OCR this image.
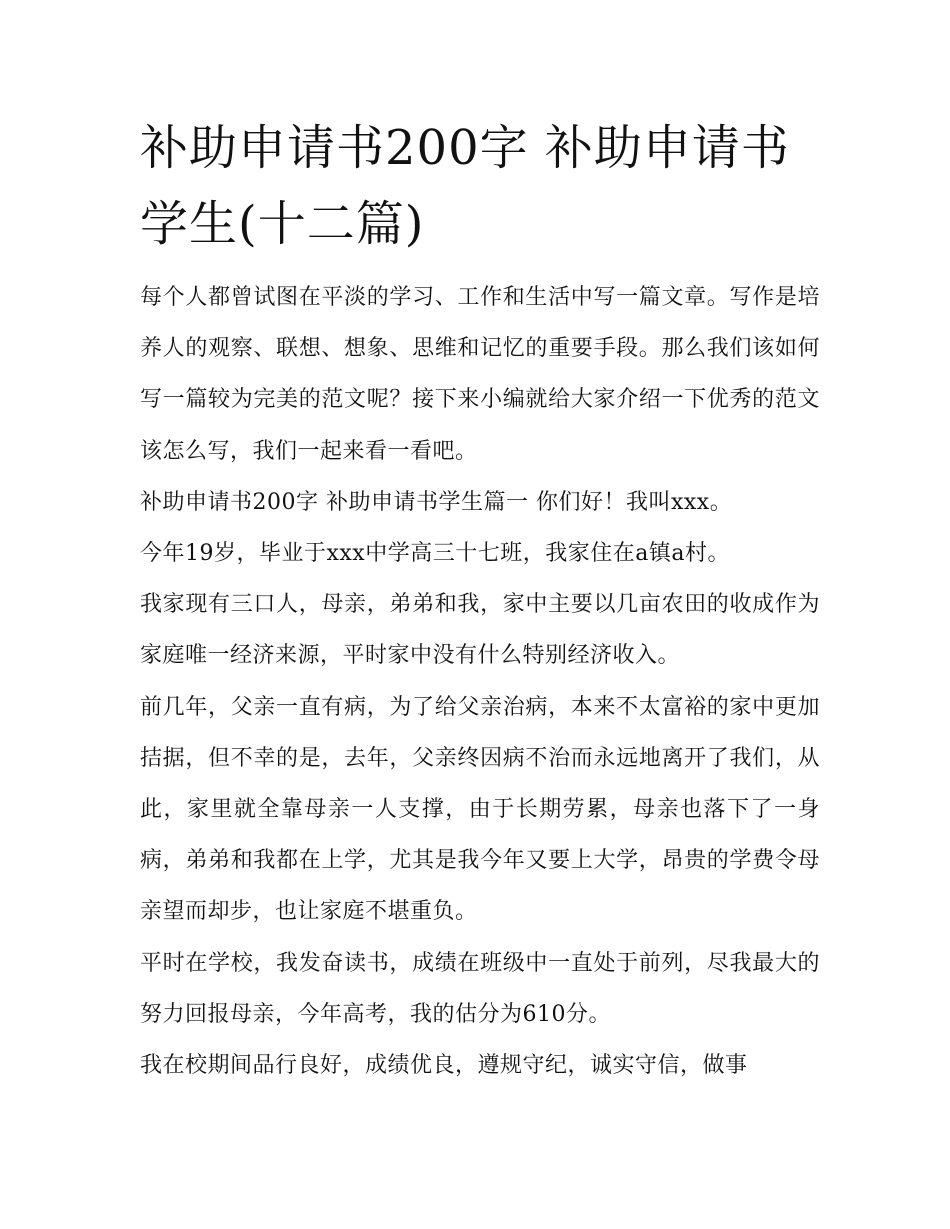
补助申请书200字 补助申请书学生(十二篇)

每个人都曾试图在平淡的学习、工作和生活中写一篇文章。写作是培养人的观察、联想、想象、思维和记忆的重要手段。那么我们该如何写一篇较为完美的范文呢？接下来小编就给大家介绍一下优秀的范文该怎么写，我们一起来看一看吧。

补助申请书200字 补助申请书学生篇一 你们好！我叫xxx。

今年19岁，毕业于xxx中学高三十七班，我家住在a镇a村。

我家现有三口人，母亲，弟弟和我，家中主要以几亩农田的收成作为家庭唯一经济来源，平时家中没有什么特别经济收入。

前几年，父亲一直有病，为了给父亲治病，本来不太富裕的家中更加拮据，但不幸的是，去年，父亲终因病不治而永远地离开了我们，从此，家里就全靠母亲一人支撑，由于长期劳累，母亲也落下了一身病，弟弟和我都在上学，尤其是我今年又要上大学，昂贵的学费令母亲望而却步，也让家庭不堪重负。

平时在学校，我发奋读书，成绩在班级中一直处于前列，尽我最大的努力回报母亲，今年高考，我的估分为610分。

我在校期间品行良好，成绩优良，遵规守纪，诚实守信，做事
